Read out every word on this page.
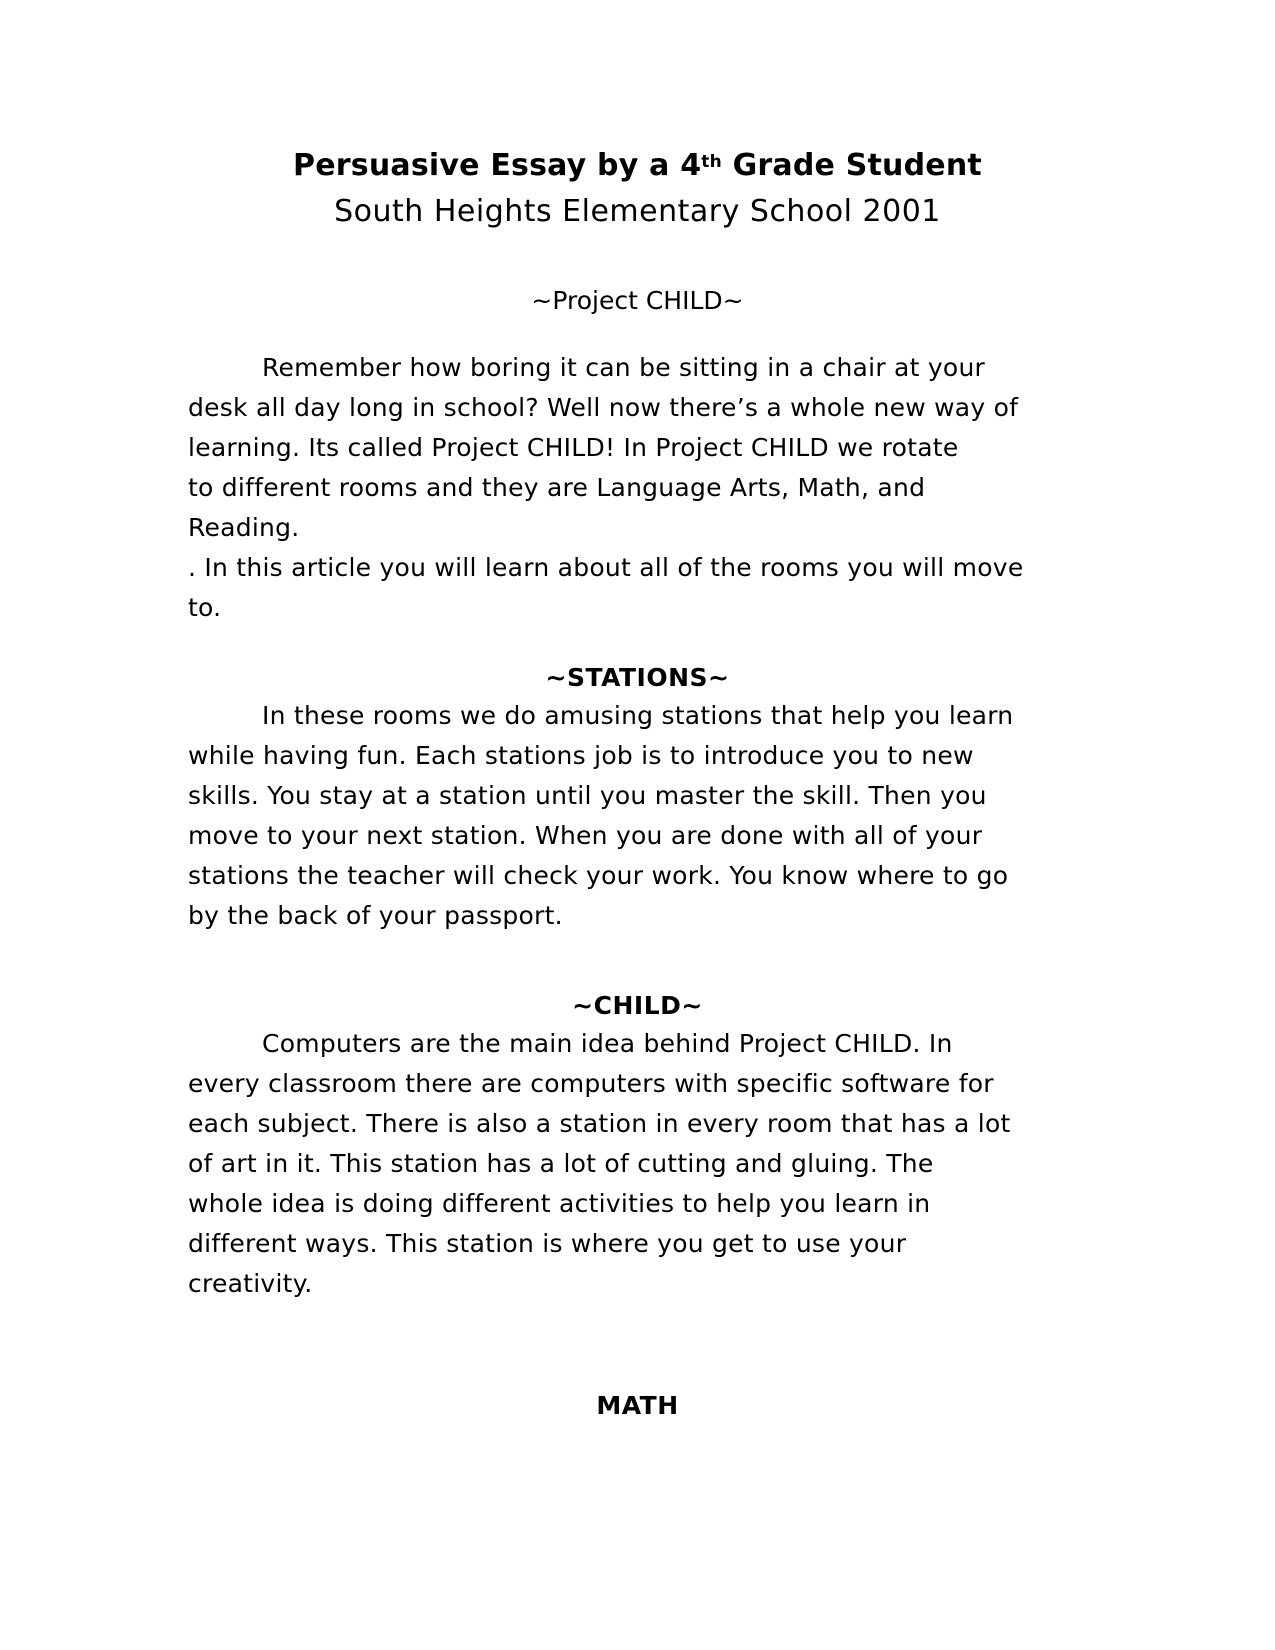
Persuasive Essay by a 4th Grade Student
South Heights Elementary School 2001
~Project CHILD~
Remember how boring it can be sitting in a chair at your
desk all day long in school? Well now there’s a whole new way of
learning. Its called Project CHILD! In Project CHILD we rotate
to different rooms and they are Language Arts, Math, and
Reading.
. In this article you will learn about all of the rooms you will move
to.
~STATIONS~
In these rooms we do amusing stations that help you learn
while having fun. Each stations job is to introduce you to new
skills. You stay at a station until you master the skill. Then you
move to your next station. When you are done with all of your
stations the teacher will check your work. You know where to go
by the back of your passport.
~CHILD~
Computers are the main idea behind Project CHILD. In
every classroom there are computers with specific software for
each subject. There is also a station in every room that has a lot
of art in it. This station has a lot of cutting and gluing. The
whole idea is doing different activities to help you learn in
different ways. This station is where you get to use your
creativity.
MATH
